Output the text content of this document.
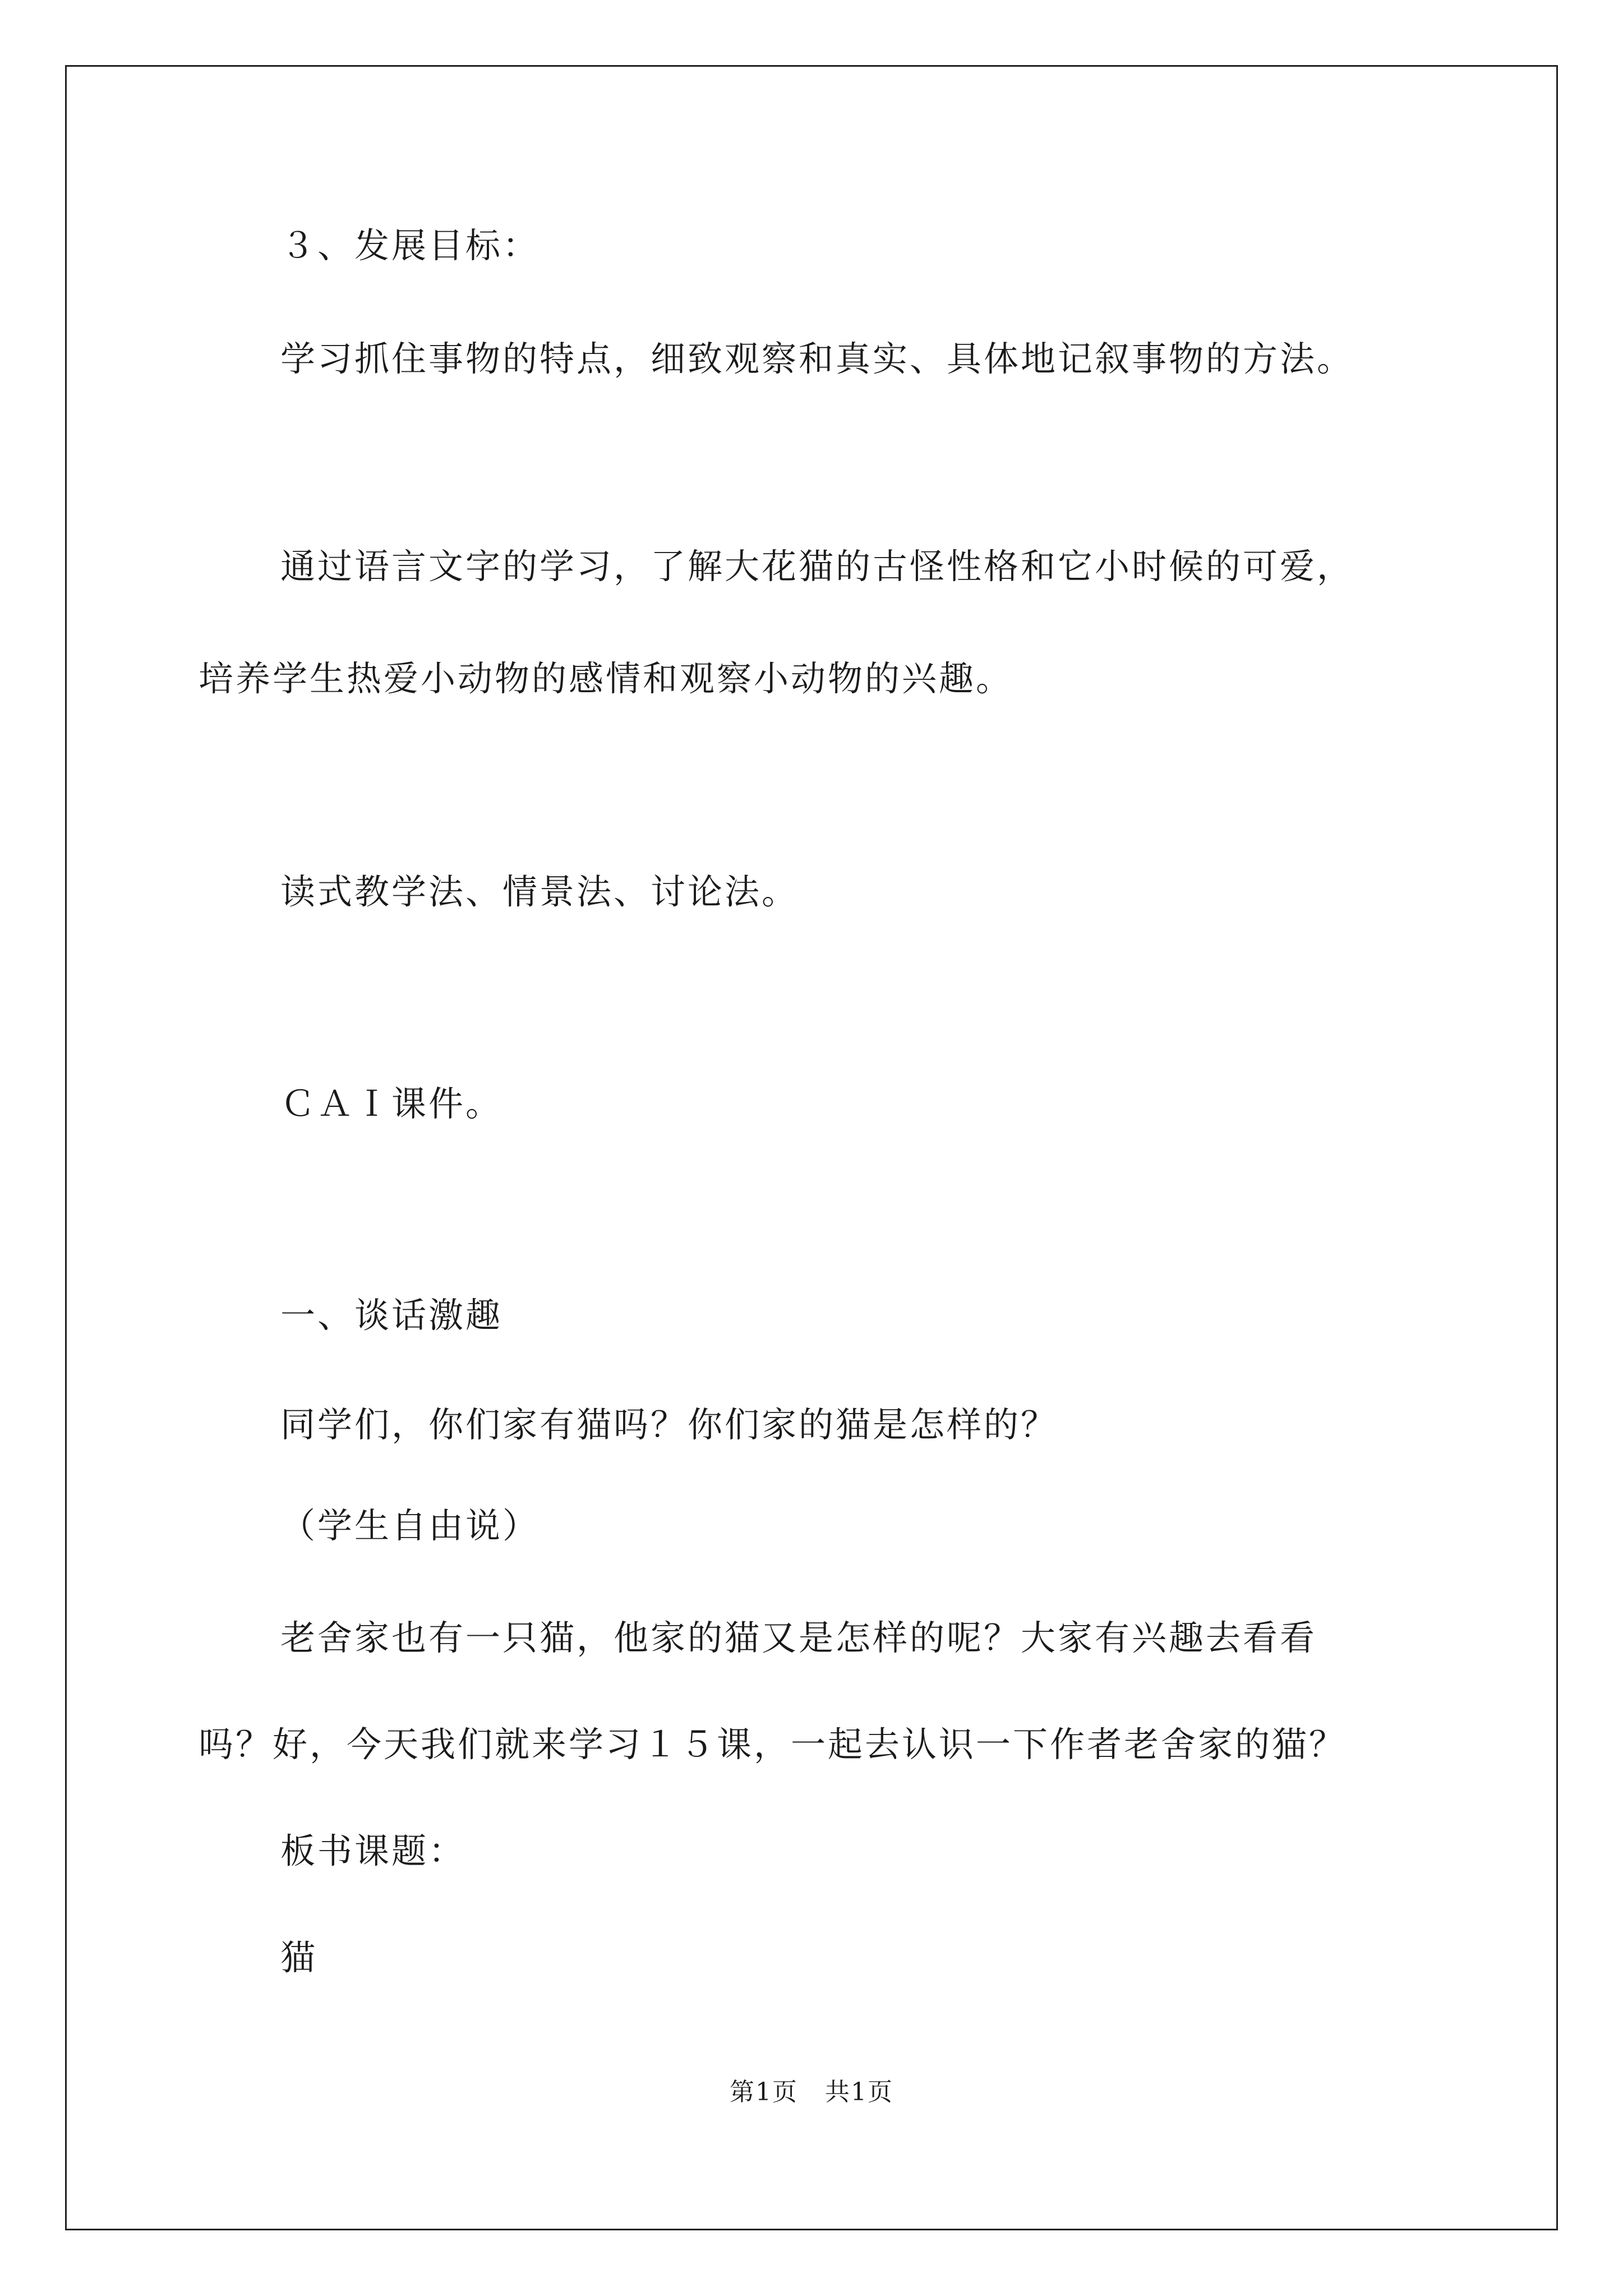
３、发展目标：
学习抓住事物的特点，细致观察和真实、具体地记叙事物的方法。
通过语言文字的学习，了解大花猫的古怪性格和它小时候的可爱，
培养学生热爱小动物的感情和观察小动物的兴趣。
读式教学法、情景法、讨论法。
ＣＡＩ课件。
一、谈话激趣
同学们，你们家有猫吗？你们家的猫是怎样的？
（学生自由说）
老舍家也有一只猫，他家的猫又是怎样的呢？大家有兴趣去看看
吗？好，今天我们就来学习１５课，一起去认识一下作者老舍家的猫？
板书课题：
猫
第1页 共1页
